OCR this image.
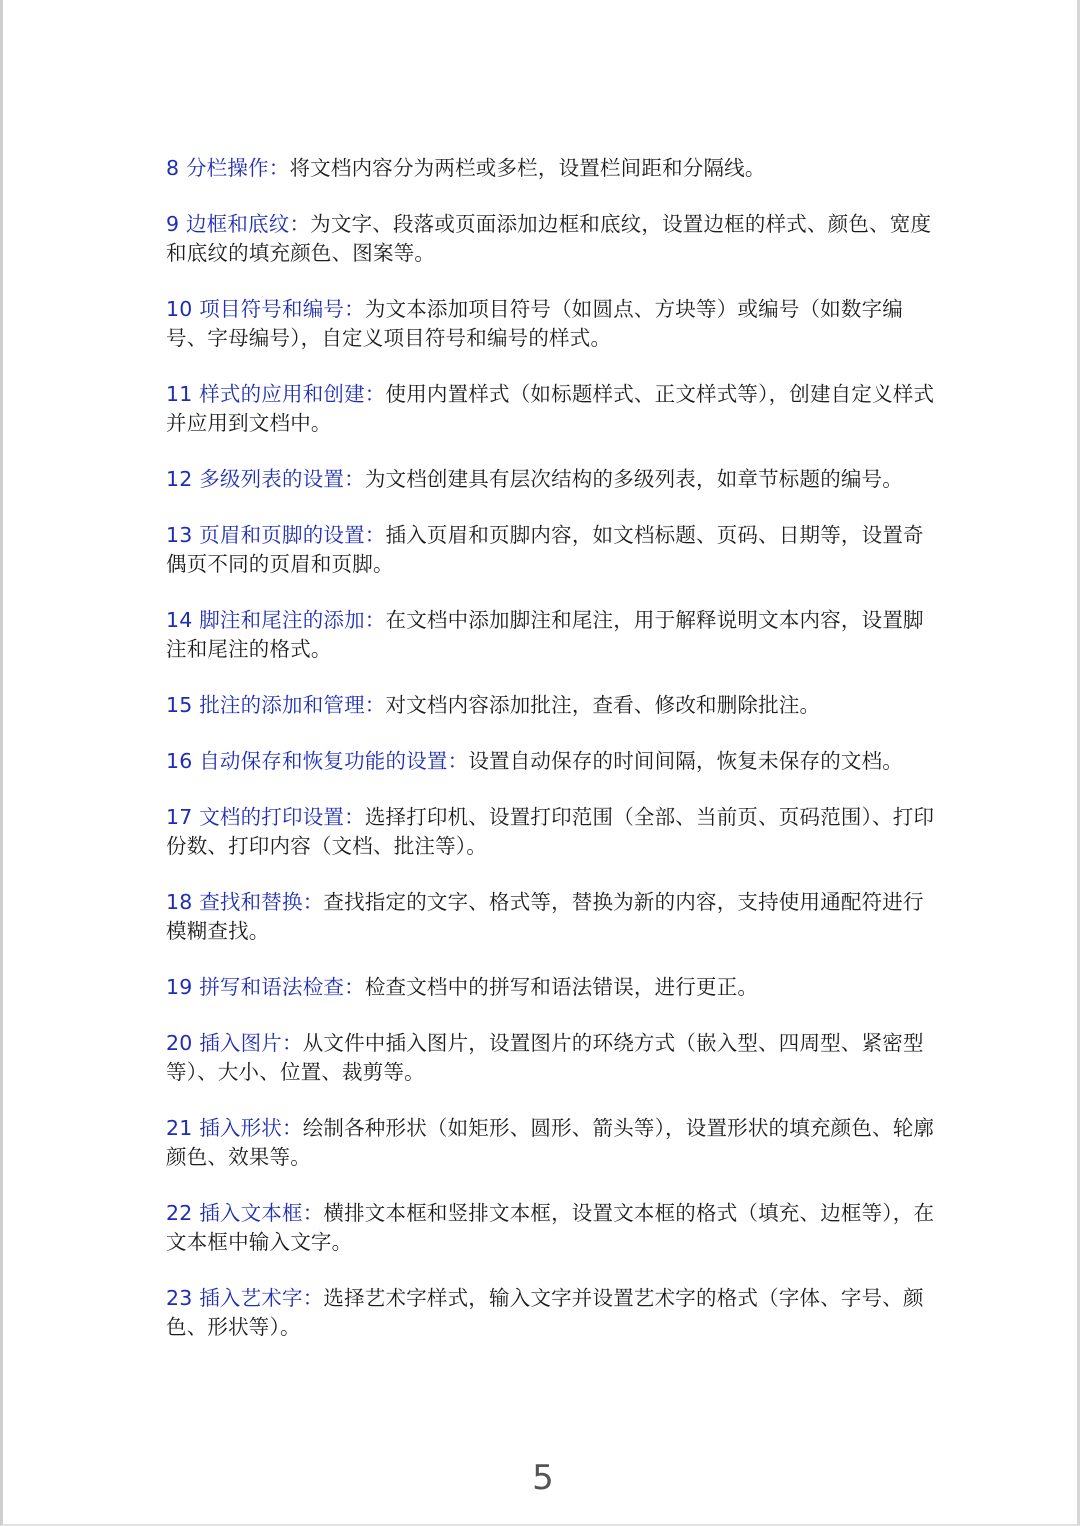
8 分栏操作：将文档内容分为两栏或多栏，设置栏间距和分隔线。

9 边框和底纹：为文字、段落或页面添加边框和底纹，设置边框的样式、颜色、宽度和底纹的填充颜色、图案等。

10 项目符号和编号：为文本添加项目符号（如圆点、方块等）或编号（如数字编号、字母编号），自定义项目符号和编号的样式。

11 样式的应用和创建：使用内置样式（如标题样式、正文样式等），创建自定义样式并应用到文档中。

12 多级列表的设置：为文档创建具有层次结构的多级列表，如章节标题的编号。

13 页眉和页脚的设置：插入页眉和页脚内容，如文档标题、页码、日期等，设置奇偶页不同的页眉和页脚。

14 脚注和尾注的添加：在文档中添加脚注和尾注，用于解释说明文本内容，设置脚注和尾注的格式。

15 批注的添加和管理：对文档内容添加批注，查看、修改和删除批注。

16 自动保存和恢复功能的设置：设置自动保存的时间间隔，恢复未保存的文档。

17 文档的打印设置：选择打印机、设置打印范围（全部、当前页、页码范围）、打印份数、打印内容（文档、批注等）。

18 查找和替换：查找指定的文字、格式等，替换为新的内容，支持使用通配符进行模糊查找。

19 拼写和语法检查：检查文档中的拼写和语法错误，进行更正。

20 插入图片：从文件中插入图片，设置图片的环绕方式（嵌入型、四周型、紧密型等）、大小、位置、裁剪等。

21 插入形状：绘制各种形状（如矩形、圆形、箭头等），设置形状的填充颜色、轮廓颜色、效果等。

22 插入文本框：横排文本框和竖排文本框，设置文本框的格式（填充、边框等），在文本框中输入文字。

23 插入艺术字：选择艺术字样式，输入文字并设置艺术字的格式（字体、字号、颜色、形状等）。

5
